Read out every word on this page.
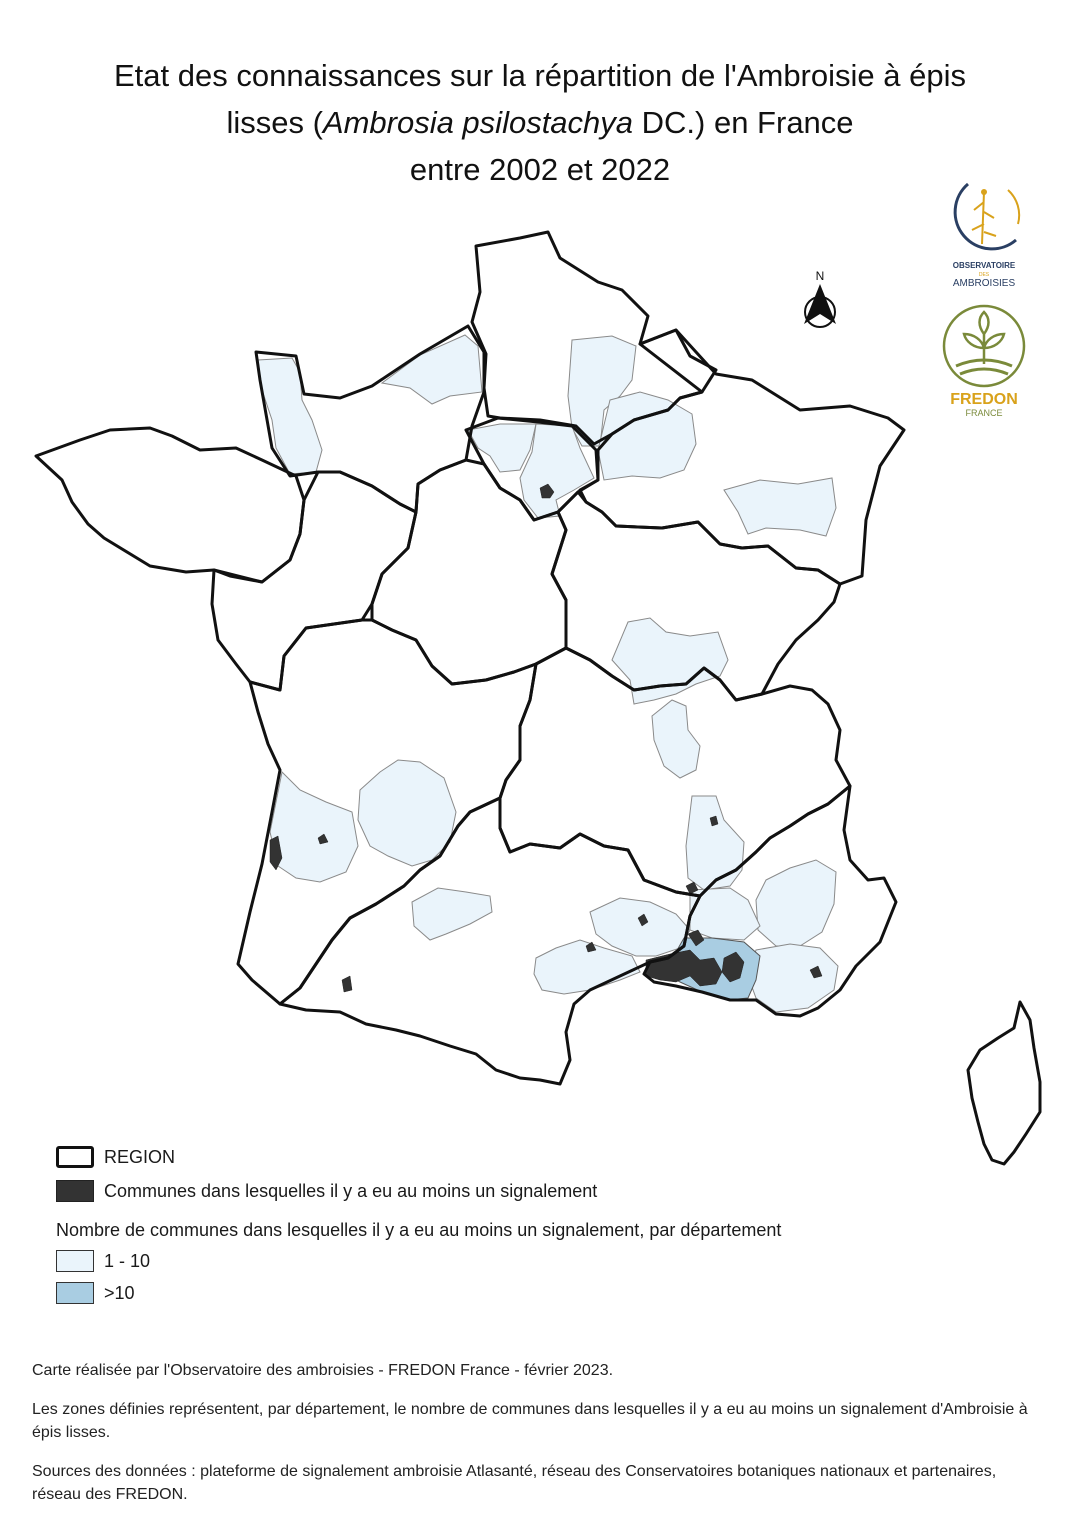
Etat des connaissances sur la répartition de l'Ambroisie à épis
lisses (Ambrosia psilostachya DC.) en France
entre 2002 et 2022
N
OBSERVATOIRE
DES
AMBROISIES
FREDON
FRANCE
REGION
Communes dans lesquelles il y a eu au moins un signalement
Nombre de communes dans lesquelles il y a eu au moins un signalement, par département
1 - 10
>10
Carte réalisée par l'Observatoire des ambroisies - FREDON France - février 2023.
Les zones définies représentent, par département, le nombre de communes dans lesquelles il y a eu au moins un signalement d'Ambroisie à épis lisses.
Sources des données : plateforme de signalement ambroisie Atlasanté, réseau des Conservatoires botaniques nationaux et partenaires, réseau des FREDON.
